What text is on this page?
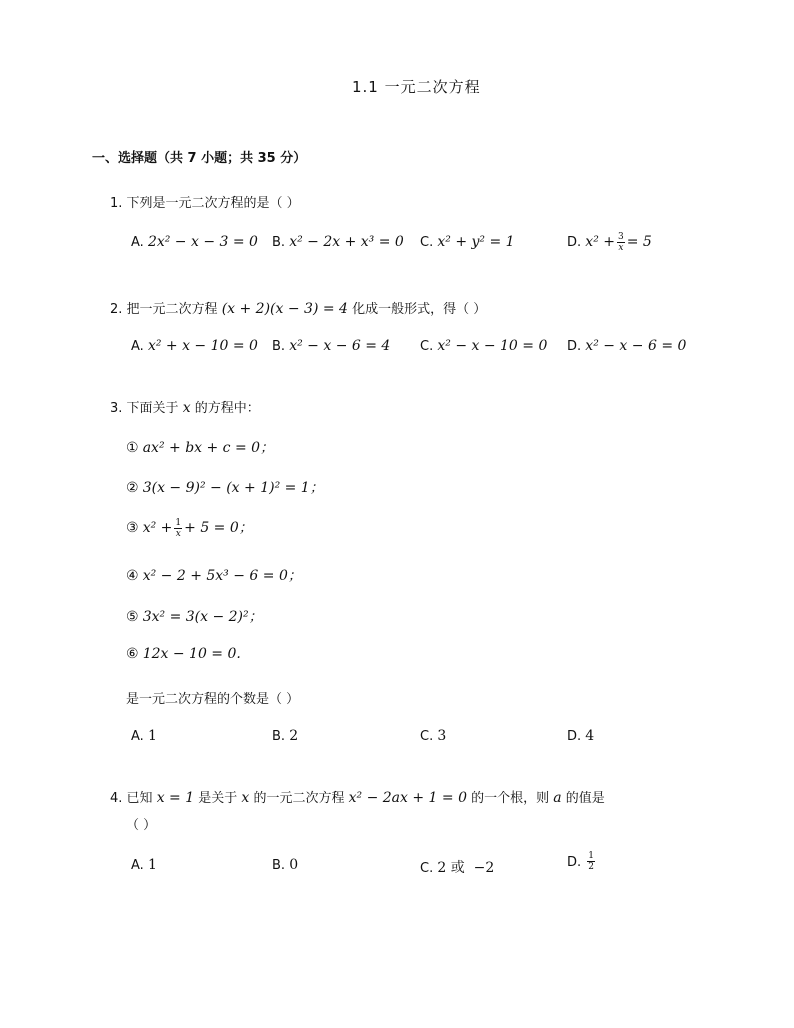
1.1 一元二次方程
一、选择题（共 7 小题；共 35 分）
1. 下列是一元二次方程的是（ ）
A. 2x² − x − 3 = 0 B. x² − 2x + x³ = 0 C. x² + y² = 1	D. $x^2 + \frac{3}{x} = 5$
2. 把一元二次方程 (x + 2)(x − 3) = 4 化成一般形式，得（ ）
A. x² + x − 10 = 0 B. x² − x − 6 = 4 C. x² − x − 10 = 0 D. x² − x − 6 = 0
3. 下面关于 x 的方程中：
① ax² + bx + c = 0；
② 3(x − 9)² − (x + 1)² = 1；
③ $x^2 + \frac{1}{x} + 5 = 0$；
④ x² − 2 + 5x³ − 6 = 0；
⑤ 3x² = 3(x − 2)²；
⑥ 12x − 10 = 0.
是一元二次方程的个数是（ ）
A. 1	B. 2	C. 3	D. 4
4. 已知 x = 1 是关于 x 的一元二次方程 x² − 2ax + 1 = 0 的一个根，则 a 的值是
（ ）
A. 1	B. 0	C. 2 或  −2	D. $\frac{1}{2}$
